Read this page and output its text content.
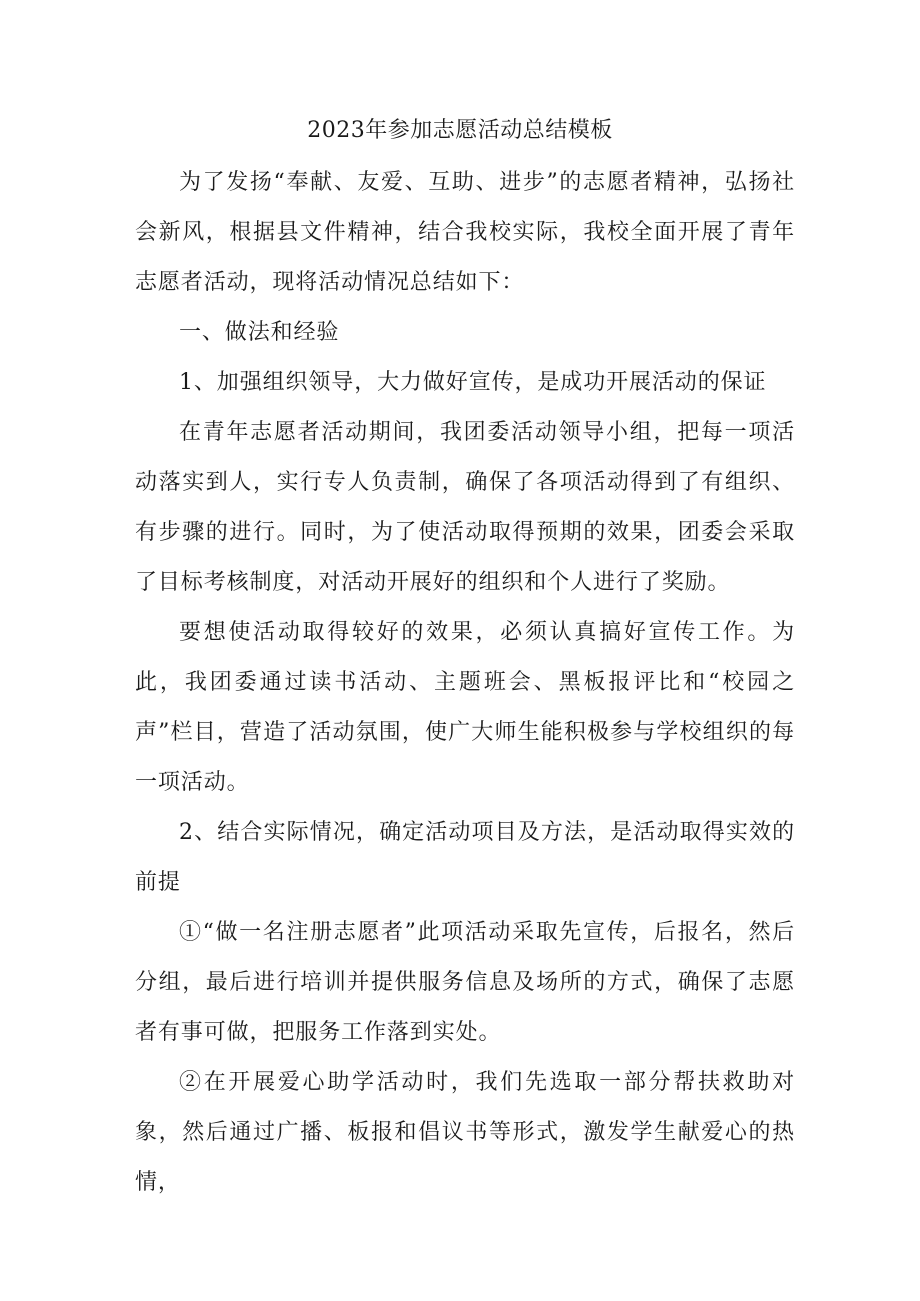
2023年参加志愿活动总结模板

为了发扬“奉献、友爱、互助、进步”的志愿者精神，弘扬社会新风，根据县文件精神，结合我校实际，我校全面开展了青年志愿者活动，现将活动情况总结如下：

一、做法和经验

1、加强组织领导，大力做好宣传，是成功开展活动的保证

在青年志愿者活动期间，我团委活动领导小组，把每一项活动落实到人，实行专人负责制，确保了各项活动得到了有组织、有步骤的进行。同时，为了使活动取得预期的效果，团委会采取了目标考核制度，对活动开展好的组织和个人进行了奖励。

要想使活动取得较好的效果，必须认真搞好宣传工作。为此，我团委通过读书活动、主题班会、黑板报评比和“校园之声”栏目，营造了活动氛围，使广大师生能积极参与学校组织的每一项活动。

2、结合实际情况，确定活动项目及方法，是活动取得实效的前提

①“做一名注册志愿者”此项活动采取先宣传，后报名，然后分组，最后进行培训并提供服务信息及场所的方式，确保了志愿者有事可做，把服务工作落到实处。

②在开展爱心助学活动时，我们先选取一部分帮扶救助对象，然后通过广播、板报和倡议书等形式，激发学生献爱心的热情，
